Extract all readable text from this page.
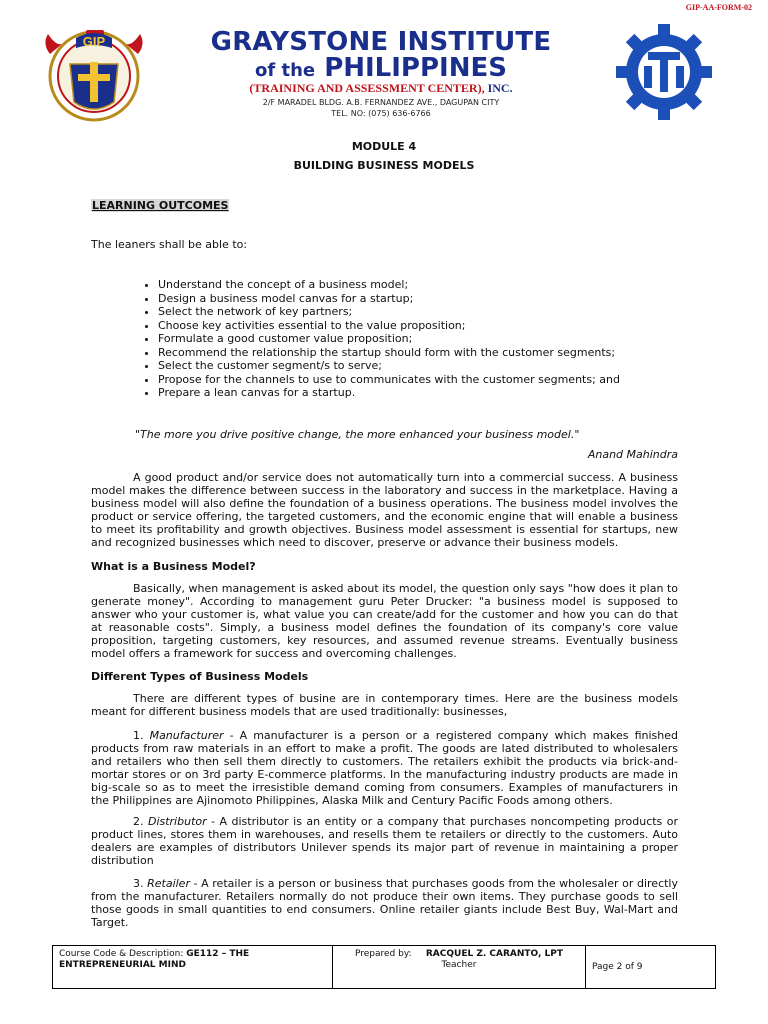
GIP-AA-FORM-02
GIP	GRAYSTONE INSTITUTE
of the PHILIPPINES
(TRAINING AND ASSESSMENT CENTER), INC.
2/F MARADEL BLDG. A.B. FERNANDEZ AVE., DAGUPAN CITY
TEL. NO: (075) 636-6766
MODULE 4
BUILDING BUSINESS MODELS
LEARNING OUTCOMES
The leaners shall be able to:
• Understand the concept of a business model;
• Design a business model canvas for a startup;
• Select the network of key partners;
• Choose key activities essential to the value proposition;
• Formulate a good customer value proposition;
• Recommend the relationship the startup should form with the customer segments;
• Select the customer segment/s to serve;
• Propose for the channels to use to communicates with the customer segments; and
• Prepare a lean canvas for a startup.
"The more you drive positive change, the more enhanced your business model."
Anand Mahindra

A good product and/or service does not automatically turn into a commercial success. A business model makes the difference between success in the laboratory and success in the marketplace. Having a business model will also define the foundation of a business operations. The business model involves the product or service offering, the targeted customers, and the economic engine that will enable a business to meet its profitability and growth objectives. Business model assessment is essential for startups, new and recognized businesses which need to discover, preserve or advance their business models.

What is a Business Model?

Basically, when management is asked about its model, the question only says "how does it plan to generate money". According to management guru Peter Drucker: "a business model is supposed to answer who your customer is, what value you can create/add for the customer and how you can do that at reasonable costs". Simply, a business model defines the foundation of its company's core value proposition, targeting customers, key resources, and assumed revenue streams. Eventually business model offers a framework for success and overcoming challenges.

Different Types of Business Models

There are different types of busine are in contemporary times. Here are the business models meant for different business models that are used traditionally: businesses,

1. Manufacturer - A manufacturer is a person or a registered company which makes finished products from raw materials in an effort to make a profit. The goods are lated distributed to wholesalers and retailers who then sell them directly to customers. The retailers exhibit the products via brick-and-mortar stores or on 3rd party E-commerce platforms. In the manufacturing industry products are made in big-scale so as to meet the irresistible demand coming from consumers. Examples of manufacturers in the Philippines are Ajinomoto Philippines, Alaska Milk and Century Pacific Foods among others.

2. Distributor - A distributor is an entity or a company that purchases noncompeting products or product lines, stores them in warehouses, and resells them te retailers or directly to the customers. Auto dealers are examples of distributors Unilever spends its major part of revenue in maintaining a proper distribution

3. Retailer - A retailer is a person or business that purchases goods from the wholesaler or directly from the manufacturer. Retailers normally do not produce their own items. They purchase goods to sell those goods in small quantities to end consumers. Online retailer giants include Best Buy, Wal-Mart and Target.

Course Code & Description: GE112 – THE ENTREPRENEURIAL MIND
Prepared by: RACQUEL Z. CARANTO, LPT
Teacher	Page 2 of 9
